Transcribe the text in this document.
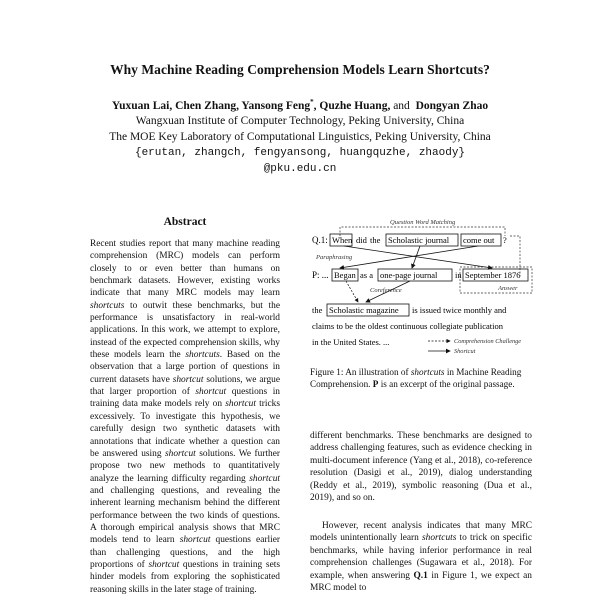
Why Machine Reading Comprehension Models Learn Shortcuts?
Yuxuan Lai, Chen Zhang, Yansong Feng*, Quzhe Huang, and Dongyan Zhao
Wangxuan Institute of Computer Technology, Peking University, China
The MOE Key Laboratory of Computational Linguistics, Peking University, China
{erutan, zhangch, fengyansong, huangquzhe, zhaody}
@pku.edu.cn
Abstract

Recent studies report that many machine reading comprehension (MRC) models can perform closely to or even better than humans on benchmark datasets. However, existing works indicate that many MRC models may learn shortcuts to outwit these benchmarks, but the performance is unsatisfactory in real-world applications. In this work, we attempt to explore, instead of the expected comprehension skills, why these models learn the shortcuts. Based on the observation that a large portion of questions in current datasets have shortcut solutions, we argue that larger proportion of shortcut questions in training data make models rely on shortcut tricks excessively. To investigate this hypothesis, we carefully design two synthetic datasets with annotations that indicate whether a question can be answered using shortcut solutions. We further propose two new methods to quantitatively analyze the learning difficulty regarding shortcut and challenging questions, and revealing the inherent learning mechanism behind the different performance between the two kinds of questions. A thorough empirical analysis shows that MRC models tend to learn shortcut questions earlier than challenging questions, and the high proportions of shortcut questions in training sets hinder models from exploring the sophisticated reasoning skills in the later stage of training.

Question Word Matching
Q.1: When did the Scholastic journal come out ?
Paraphrasing
P: ... Began as a one-page journal in September 1876
Answer
Coreference
the Scholastic magazine is issued twice monthly and
claims to be the oldest continuous collegiate publication
in the United States. ...	Comprehension Challenge
Shortcut

Figure 1: An illustration of shortcuts in Machine Reading Comprehension. P is an excerpt of the original passage.

different benchmarks. These benchmarks are designed to address challenging features, such as evidence checking in multi-document inference (Yang et al., 2018), co-reference resolution (Dasigi et al., 2019), dialog understanding (Reddy et al., 2019), symbolic reasoning (Dua et al., 2019), and so on.

However, recent analysis indicates that many MRC models unintentionally learn shortcuts to trick on specific benchmarks, while having inferior performance in real comprehension challenges (Sugawara et al., 2018). For example, when answering Q.1 in Figure 1, we expect an MRC model to
